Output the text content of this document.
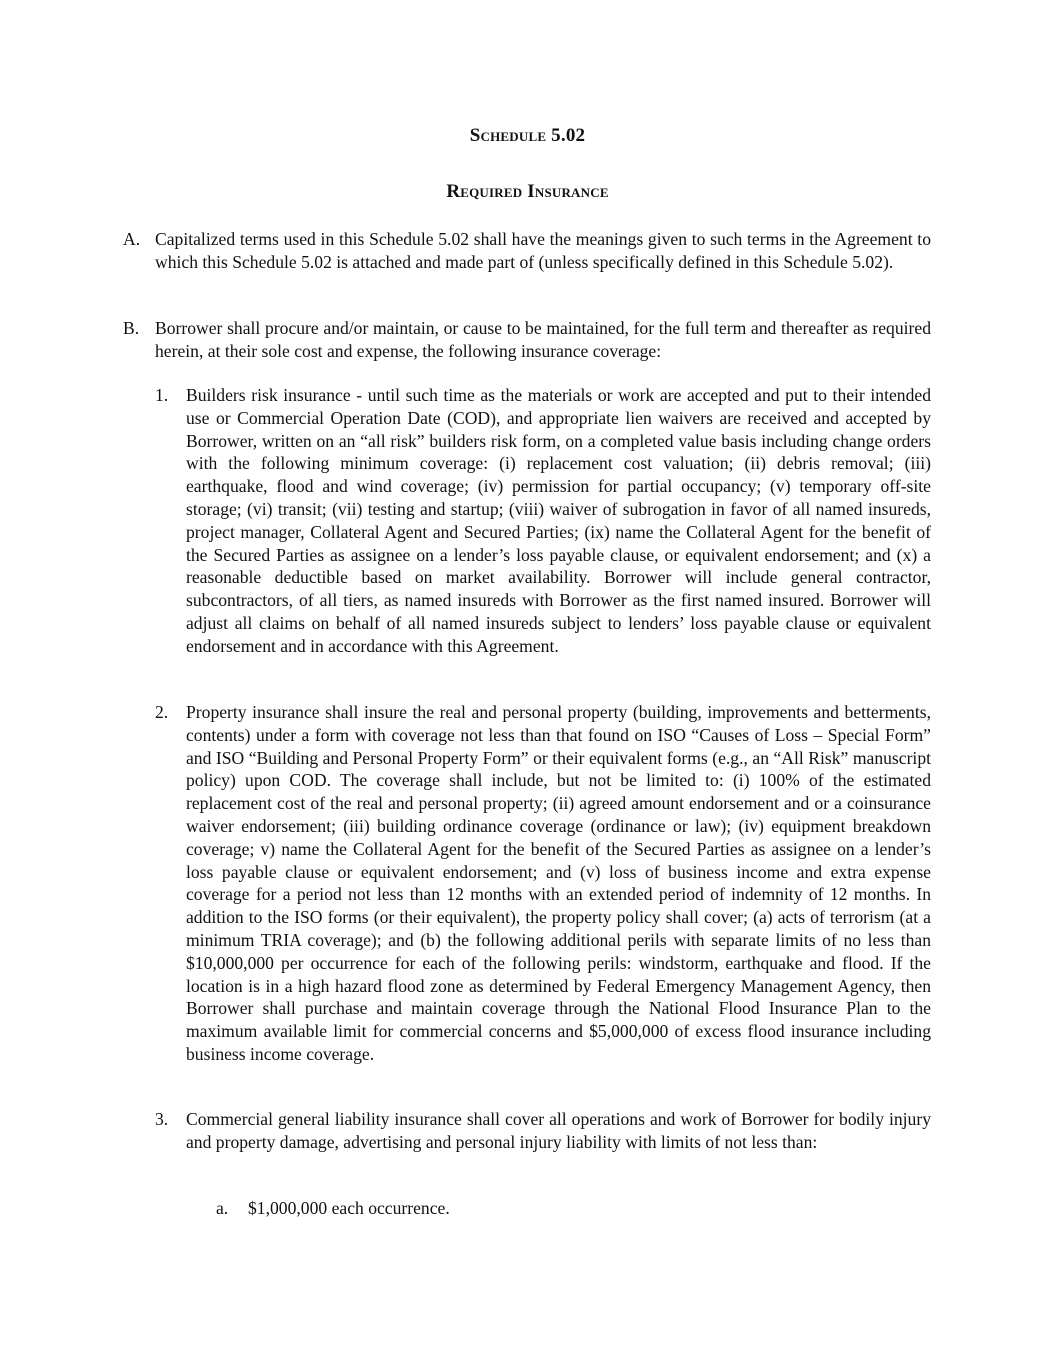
Schedule 5.02
Required Insurance
A. Capitalized terms used in this Schedule 5.02 shall have the meanings given to such terms in the Agreement to which this Schedule 5.02 is attached and made part of (unless specifically defined in this Schedule 5.02).
B. Borrower shall procure and/or maintain, or cause to be maintained, for the full term and thereafter as required herein, at their sole cost and expense, the following insurance coverage:
1. Builders risk insurance - until such time as the materials or work are accepted and put to their intended use or Commercial Operation Date (COD), and appropriate lien waivers are received and accepted by Borrower, written on an “all risk” builders risk form, on a completed value basis including change orders with the following minimum coverage: (i) replacement cost valuation; (ii) debris removal; (iii) earthquake, flood and wind coverage; (iv) permission for partial occupancy; (v) temporary off-site storage; (vi) transit; (vii) testing and startup; (viii) waiver of subrogation in favor of all named insureds, project manager, Collateral Agent and Secured Parties; (ix) name the Collateral Agent for the benefit of the Secured Parties as assignee on a lender’s loss payable clause, or equivalent endorsement; and (x) a reasonable deductible based on market availability. Borrower will include general contractor, subcontractors, of all tiers, as named insureds with Borrower as the first named insured. Borrower will adjust all claims on behalf of all named insureds subject to lenders’ loss payable clause or equivalent endorsement and in accordance with this Agreement.
2. Property insurance shall insure the real and personal property (building, improvements and betterments, contents) under a form with coverage not less than that found on ISO “Causes of Loss – Special Form” and ISO “Building and Personal Property Form” or their equivalent forms (e.g., an “All Risk” manuscript policy) upon COD. The coverage shall include, but not be limited to: (i) 100% of the estimated replacement cost of the real and personal property; (ii) agreed amount endorsement and or a coinsurance waiver endorsement; (iii) building ordinance coverage (ordinance or law); (iv) equipment breakdown coverage; v) name the Collateral Agent for the benefit of the Secured Parties as assignee on a lender’s loss payable clause or equivalent endorsement; and (v) loss of business income and extra expense coverage for a period not less than 12 months with an extended period of indemnity of 12 months. In addition to the ISO forms (or their equivalent), the property policy shall cover; (a) acts of terrorism (at a minimum TRIA coverage); and (b) the following additional perils with separate limits of no less than $10,000,000 per occurrence for each of the following perils: windstorm, earthquake and flood. If the location is in a high hazard flood zone as determined by Federal Emergency Management Agency, then Borrower shall purchase and maintain coverage through the National Flood Insurance Plan to the maximum available limit for commercial concerns and $5,000,000 of excess flood insurance including business income coverage.
3. Commercial general liability insurance shall cover all operations and work of Borrower for bodily injury and property damage, advertising and personal injury liability with limits of not less than:
a. $1,000,000 each occurrence.
